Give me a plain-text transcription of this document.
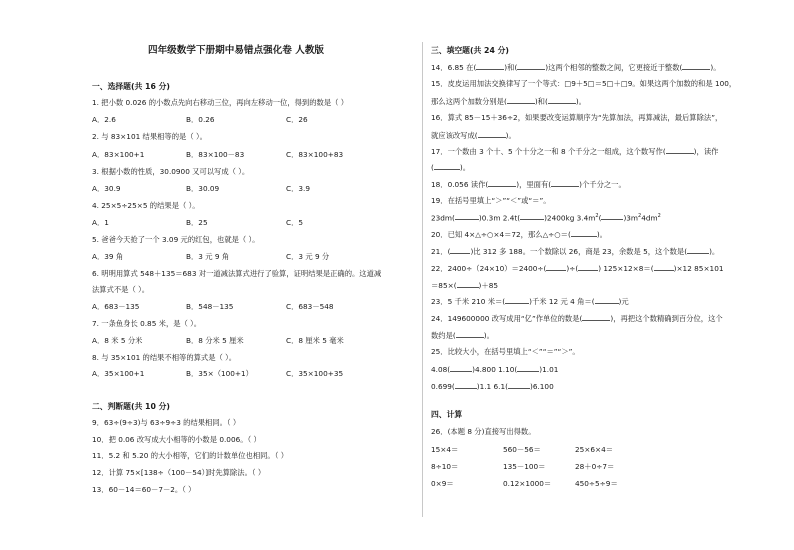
四年级数学下册期中易错点强化卷 人教版
一、选择题(共 16 分)
1. 把小数 0.026 的小数点先向右移动三位，再向左移动一位，得到的数是（ ）
A．2.6	B．0.26	C．26
2. 与 83×101 结果相等的是（ ）。
A．83×100+1	B．83×100－83	C．83×100+83
3. 根据小数的性质，30.0900 又可以写成（ ）。
A．30.9	B．30.09	C．3.9
4. 25×5÷25×5 的结果是（ ）。
A．1	B．25	C．5
5. 爸爸今天抢了一个 3.09 元的红包，也就是（ ）。
A．39 角	B．3 元 9 角	C．3 元 9 分
6. 明明用算式 548＋135＝683 对一道减法算式进行了验算，证明结果是正确的。这道减
法算式不是（ ）。
A．683－135	B．548－135	C．683－548
7. 一条鱼身长 0.85 米，是（ ）。
A．8 米 5 分米	B．8 分米 5 厘米	C．8 厘米 5 毫米
8. 与 35×101 的结果不相等的算式是（ ）。
A．35×100+1	B．35×（100+1）	C．35×100+35
二、判断题(共 10 分)
9．63÷(9÷3)与 63÷9÷3 的结果相同。（ ）
10．把 0.06 改写成大小相等的小数是 0.006。（ ）
11．5.2 和 5.20 的大小相等，它们的计数单位也相同。（ ）
12．计算 75×[138÷（100－54）]时先算除法。（ ）
13．60－14＝60－7－2。（ ）
三、填空题(共 24 分)
14．6.85 在(	)和(	)这两个相邻的整数之间，它更接近于整数(	)。
15．皮皮运用加法交换律写了一个等式：□9＋5□＝5□＋□9。如果这两个加数的和是 100，
那么这两个加数分别是(	)和(	)。
16．算式 85－15＋36÷2，如果要改变运算顺序为“先算加法，再算减法，最后算除法”，
就应该改写成(	)。
17．一个数由 3 个十、5 个十分之一和 8 个千分之一组成，这个数写作(	)，读作
(	)。
18．0.056 读作(	)，里面有(	)个千分之一。
19．在括号里填上“＞”“＜”或“＝”。
23dm(	)0.3m 2.4t(	)2400kg $3.4m^2$(	)$3m^24dm^2$
20．已知 4×△÷○×4＝72，那么△÷○＝(	)。
21．(	)比 312 多 188。一个数除以 26，商是 23，余数是 5，这个数是(	)。
22．2400÷（24×10）＝2400÷(	)÷(	) 125×12×8＝(	)×12 85×101
＝85×(	)＋85
23．5 千米 210 米＝(	)千米 12 元 4 角＝(	)元
24．149600000 改写成用“亿”作单位的数是(	)，再把这个数精确到百分位，这个
数约是(	)。
25．比较大小，在括号里填上“＜”“＝”“＞”。
4.08(	)4.800 1.10(	)1.01
0.699(	)1.1 6.1(	)6.100
四、计算
26．(本题 8 分)直接写出得数。
15×4＝	560－56＝	25×6×4＝
8÷10＝	135－100＝	28＋0÷7＝
0×9＝	0.12×1000＝	450÷5÷9＝
